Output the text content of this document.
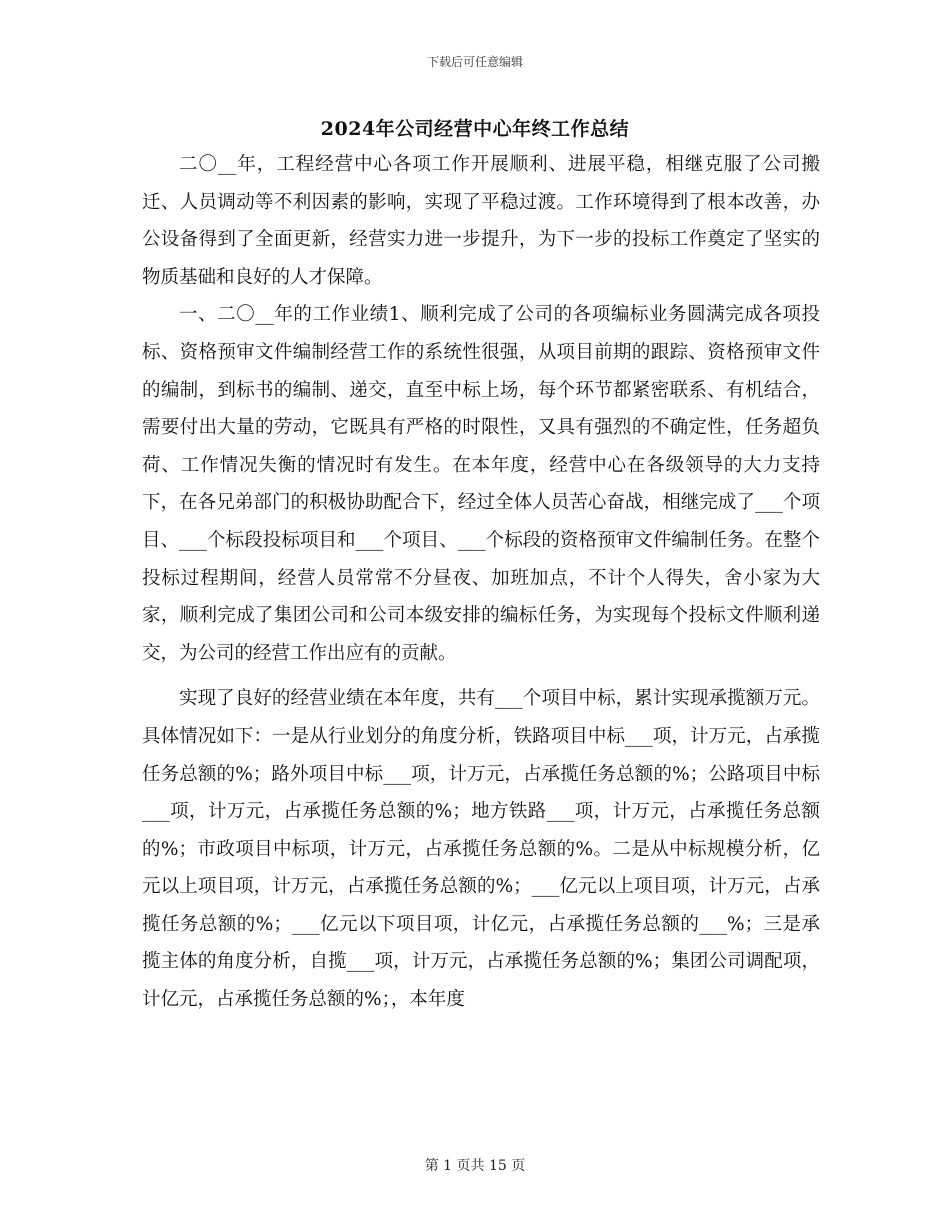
下载后可任意编辑
2024年公司经营中心年终工作总结

二〇__年，工程经营中心各项工作开展顺利、进展平稳，相继克服了公司搬迁、人员调动等不利因素的影响，实现了平稳过渡。工作环境得到了根本改善，办公设备得到了全面更新，经营实力进一步提升，为下一步的投标工作奠定了坚实的物质基础和良好的人才保障。

一、二〇__年的工作业绩1、顺利完成了公司的各项编标业务圆满完成各项投标、资格预审文件编制经营工作的系统性很强，从项目前期的跟踪、资格预审文件的编制，到标书的编制、递交，直至中标上场，每个环节都紧密联系、有机结合，需要付出大量的劳动，它既具有严格的时限性，又具有强烈的不确定性，任务超负荷、工作情况失衡的情况时有发生。在本年度，经营中心在各级领导的大力支持下，在各兄弟部门的积极协助配合下，经过全体人员苦心奋战，相继完成了___个项目、___个标段投标项目和___个项目、___个标段的资格预审文件编制任务。在整个投标过程期间，经营人员常常不分昼夜、加班加点，不计个人得失，舍小家为大家，顺利完成了集团公司和公司本级安排的编标任务，为实现每个投标文件顺利递交，为公司的经营工作出应有的贡献。

实现了良好的经营业绩在本年度，共有___个项目中标，累计实现承揽额万元。具体情况如下：一是从行业划分的角度分析，铁路项目中标___项，计万元，占承揽任务总额的%；路外项目中标___项，计万元，占承揽任务总额的%；公路项目中标___项，计万元，占承揽任务总额的%；地方铁路___项，计万元，占承揽任务总额的%；市政项目中标项，计万元，占承揽任务总额的%。二是从中标规模分析，亿元以上项目项，计万元，占承揽任务总额的%；___亿元以上项目项，计万元，占承揽任务总额的%；___亿元以下项目项，计亿元，占承揽任务总额的___%；三是承揽主体的角度分析，自揽___项，计万元，占承揽任务总额的%；集团公司调配项，计亿元，占承揽任务总额的%；，本年度

第 1 页共 15 页
